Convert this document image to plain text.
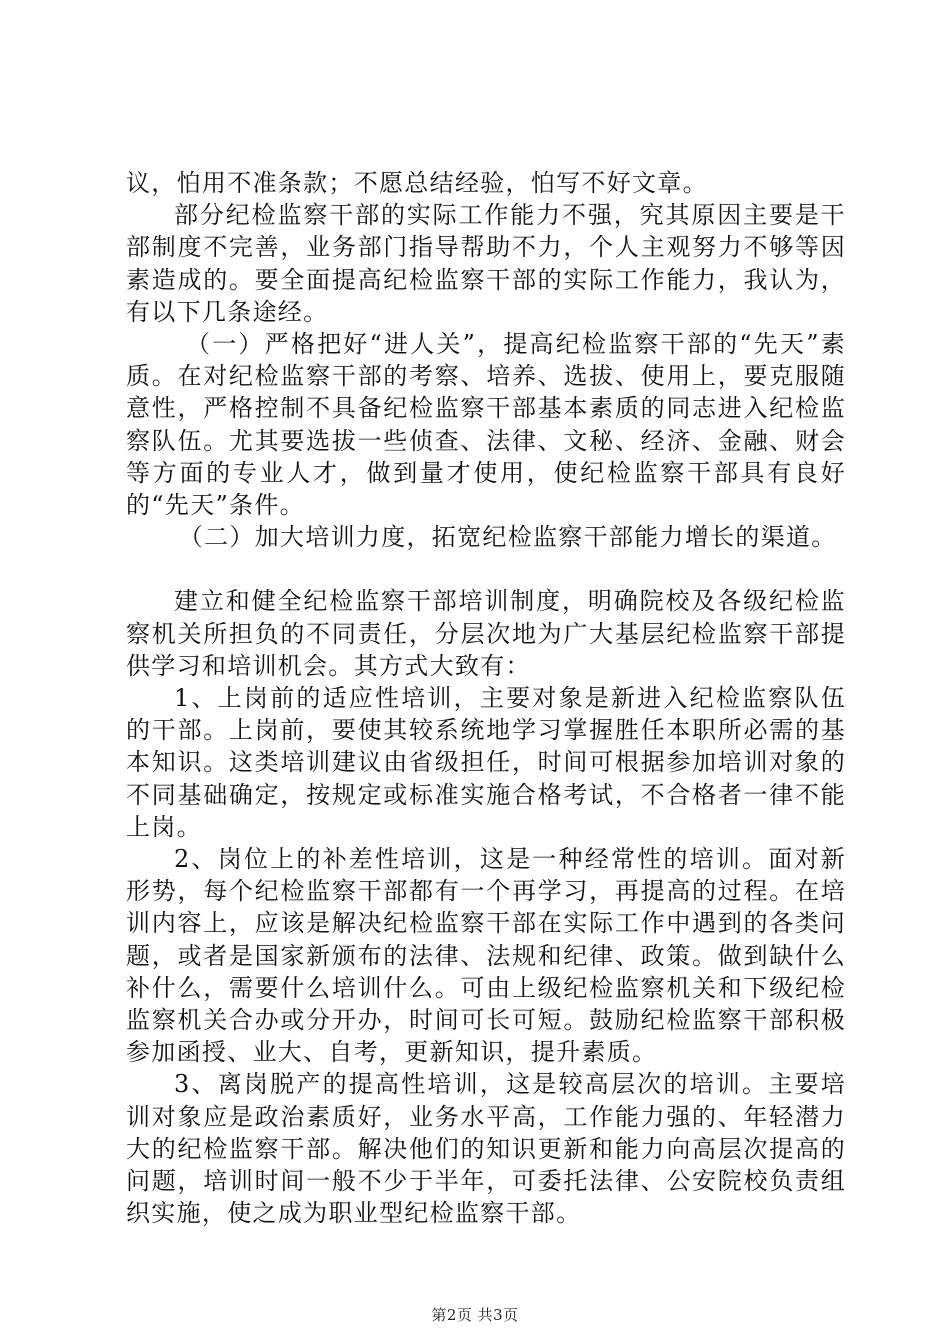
议，怕用不准条款；不愿总结经验，怕写不好文章。

部分纪检监察干部的实际工作能力不强，究其原因主要是干部制度不完善，业务部门指导帮助不力，个人主观努力不够等因素造成的。要全面提高纪检监察干部的实际工作能力，我认为，有以下几条途经。

（一）严格把好“进人关”，提高纪检监察干部的“先天”素质。在对纪检监察干部的考察、培养、选拔、使用上，要克服随意性，严格控制不具备纪检监察干部基本素质的同志进入纪检监察队伍。尤其要选拔一些侦查、法律、文秘、经济、金融、财会等方面的专业人才，做到量才使用，使纪检监察干部具有良好的“先天”条件。

（二）加大培训力度，拓宽纪检监察干部能力增长的渠道。

建立和健全纪检监察干部培训制度，明确院校及各级纪检监察机关所担负的不同责任，分层次地为广大基层纪检监察干部提供学习和培训机会。其方式大致有：

1、上岗前的适应性培训，主要对象是新进入纪检监察队伍的干部。上岗前，要使其较系统地学习掌握胜任本职所必需的基本知识。这类培训建议由省级担任，时间可根据参加培训对象的不同基础确定，按规定或标准实施合格考试，不合格者一律不能上岗。

2、岗位上的补差性培训，这是一种经常性的培训。面对新形势，每个纪检监察干部都有一个再学习，再提高的过程。在培训内容上，应该是解决纪检监察干部在实际工作中遇到的各类问题，或者是国家新颁布的法律、法规和纪律、政策。做到缺什么补什么，需要什么培训什么。可由上级纪检监察机关和下级纪检监察机关合办或分开办，时间可长可短。鼓励纪检监察干部积极参加函授、业大、自考，更新知识，提升素质。

3、离岗脱产的提高性培训，这是较高层次的培训。主要培训对象应是政治素质好，业务水平高，工作能力强的、年轻潜力大的纪检监察干部。解决他们的知识更新和能力向高层次提高的问题，培训时间一般不少于半年，可委托法律、公安院校负责组织实施，使之成为职业型纪检监察干部。

第2页 共3页
